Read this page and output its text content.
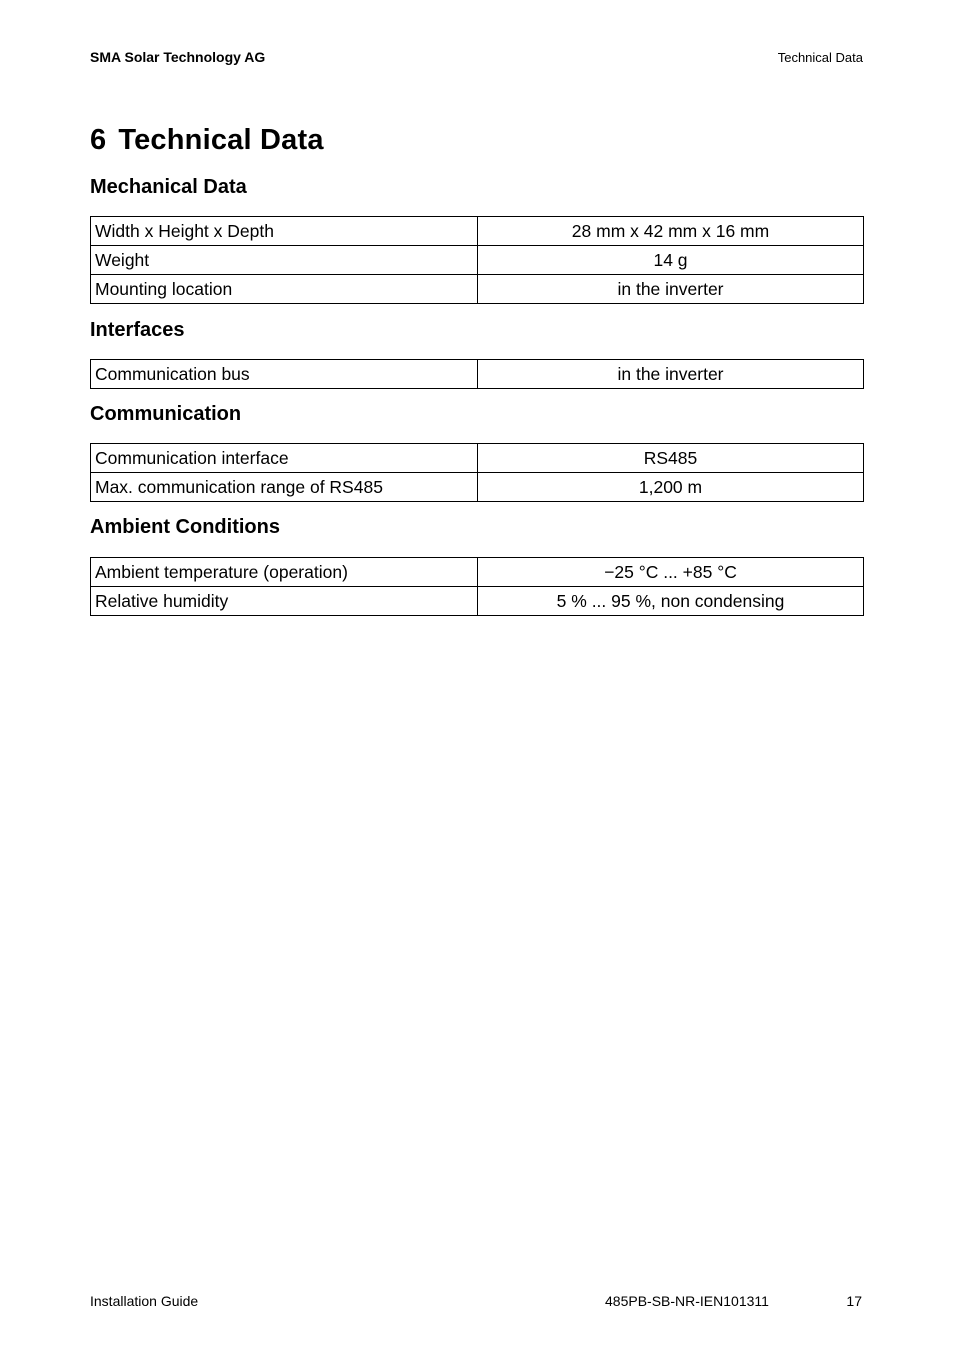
SMA Solar Technology AG	Technical Data
6 Technical Data
Mechanical Data
Width x Height x Depth	28 mm x 42 mm x 16 mm
Weight	14 g
Mounting location	in the inverter
Interfaces
Communication bus	in the inverter
Communication
Communication interface	RS485
Max. communication range of RS485	1,200 m
Ambient Conditions
Ambient temperature (operation)	−25 °C ... +85 °C
Relative humidity	5 % ... 95 %, non condensing
Installation Guide	485PB-SB-NR-IEN101311	17
